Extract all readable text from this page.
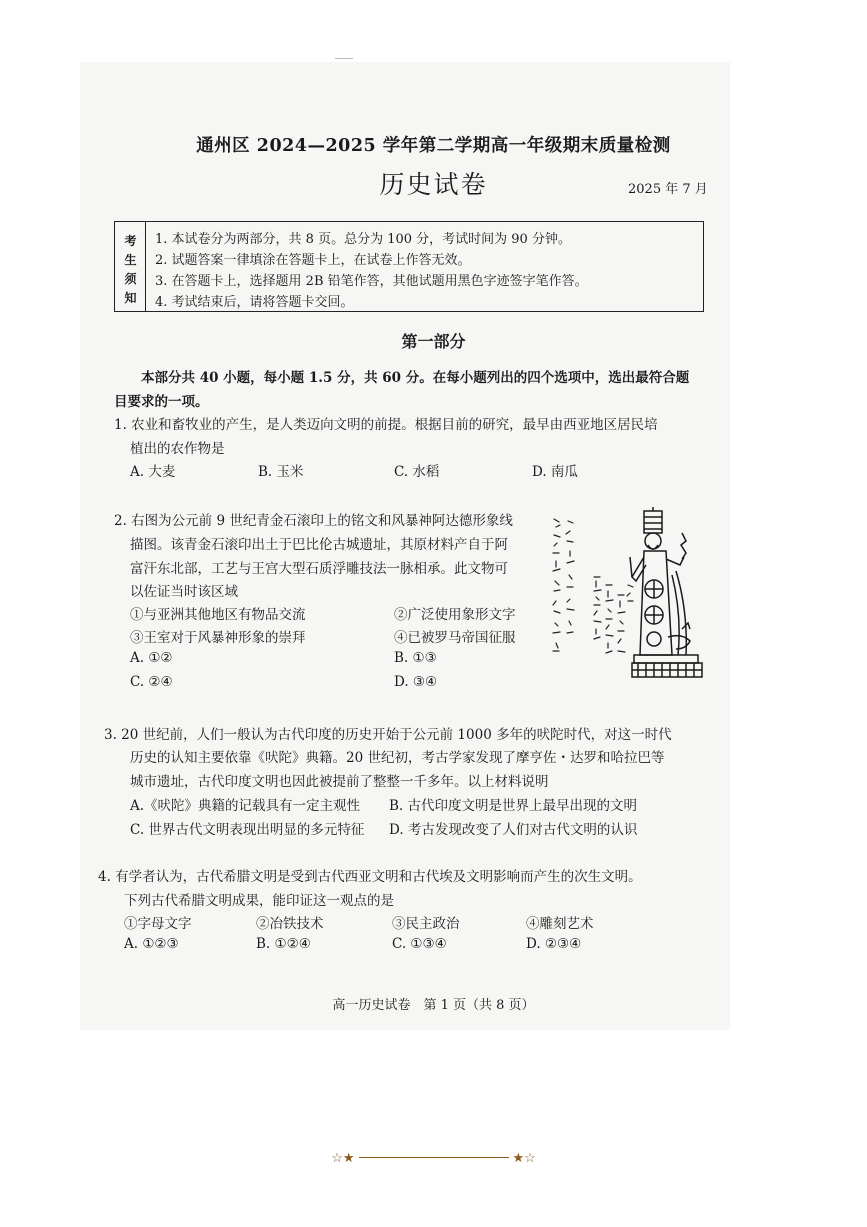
通州区 2024—2025 学年第二学期高一年级期末质量检测
历史试卷	2025 年 7 月
考
生
须
知
1. 本试卷分为两部分，共 8 页。总分为 100 分，考试时间为 90 分钟。
2. 试题答案一律填涂在答题卡上，在试卷上作答无效。
3. 在答题卡上，选择题用 2B 铅笔作答，其他试题用黑色字迹签字笔作答。
4. 考试结束后，请将答题卡交回。
第一部分
本部分共 40 小题，每小题 1.5 分，共 60 分。在每小题列出的四个选项中，选出最符合题
目要求的一项。
1. 农业和畜牧业的产生，是人类迈向文明的前提。根据目前的研究，最早由西亚地区居民培
植出的农作物是
A. 大麦	B. 玉米	C. 水稻	D. 南瓜
2. 右图为公元前 9 世纪青金石滚印上的铭文和风暴神阿达德形象线
描图。该青金石滚印出土于巴比伦古城遗址，其原材料产自于阿
富汗东北部，工艺与王宫大型石质浮雕技法一脉相承。此文物可
以佐证当时该区域
①与亚洲其他地区有物品交流	②广泛使用象形文字
③王室对于风暴神形象的崇拜	④已被罗马帝国征服
A. ①②	B. ①③
C. ②④	D. ③④
3. 20 世纪前，人们一般认为古代印度的历史开始于公元前 1000 多年的吠陀时代，对这一时代
历史的认知主要依靠《吠陀》典籍。20 世纪初，考古学家发现了摩亨佐・达罗和哈拉巴等
城市遗址，古代印度文明也因此被提前了整整一千多年。以上材料说明
A.《吠陀》典籍的记载具有一定主观性 B. 古代印度文明是世界上最早出现的文明
C. 世界古代文明表现出明显的多元特征 D. 考古发现改变了人们对古代文明的认识
4. 有学者认为，古代希腊文明是受到古代西亚文明和古代埃及文明影响而产生的次生文明。
下列古代希腊文明成果，能印证这一观点的是
①字母文字	②冶铁技术	③民主政治	④雕刻艺术
A. ①②③	B. ①②④	C. ①③④	D. ②③④
高一历史试卷　第 1 页（共 8 页）
☆★	★☆
